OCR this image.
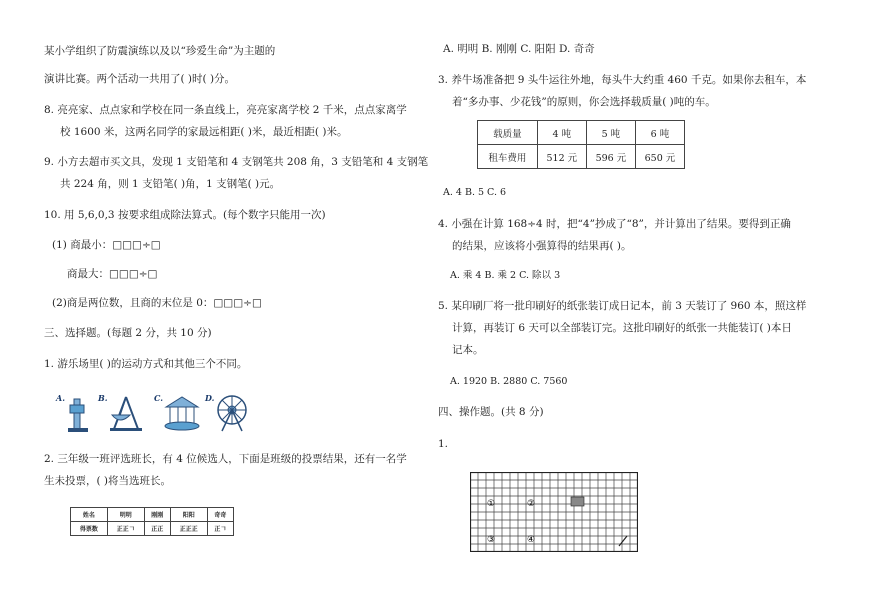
某小学组织了防震演练以及以“珍爱生命”为主题的
演讲比赛。两个活动一共用了( )时( )分。
8. 亮亮家、点点家和学校在同一条直线上，亮亮家离学校 2 千米，点点家离学
校 1600 米，这两名同学的家最远相距( )米，最近相距( )米。
9. 小方去超市买文具，发现 1 支铅笔和 4 支钢笔共 208 角，3 支铅笔和 4 支钢笔
共 224 角，则 1 支铅笔( )角，1 支钢笔( )元。
10. 用 5,6,0,3 按要求组成除法算式。(每个数字只能用一次)
(1) 商最小：□□□÷□
商最大：□□□÷□
(2)商是两位数，且商的末位是 0：□□□÷□
三、选择题。(每题 2 分，共 10 分)
1. 游乐场里( )的运动方式和其他三个不同。
A.	B.	C.	D.
2. 三年级一班评选班长，有 4 位候选人，下面是班级的投票结果，还有一名学
生未投票，( )将当选班长。
姓名	明明	刚刚	阳阳	奇奇
得票数	正正𠃍	正正	正正正	正𠃍
A. 明明 B. 刚刚 C. 阳阳 D. 奇奇
3. 养牛场准备把 9 头牛运往外地，每头牛大约重 460 千克。如果你去租车，本
着“多办事、少花钱”的原则，你会选择载质量( )吨的车。
载质量	4 吨	5 吨	6 吨
租车费用	512 元	596 元	650 元
A. 4 B. 5 C. 6
4. 小强在计算 168÷4 时，把“4”抄成了“8”，并计算出了结果。要得到正确
的结果，应该将小强算得的结果再( )。
A. 乘 4 B. 乘 2 C. 除以 3
5. 某印刷厂将一批印刷好的纸张装订成日记本，前 3 天装订了 960 本，照这样
计算，再装订 6 天可以全部装订完。这批印刷好的纸张一共能装订( )本日
记本。
A. 1920 B. 2880 C. 7560
四、操作题。(共 8 分)
1.
①	②
③	④
